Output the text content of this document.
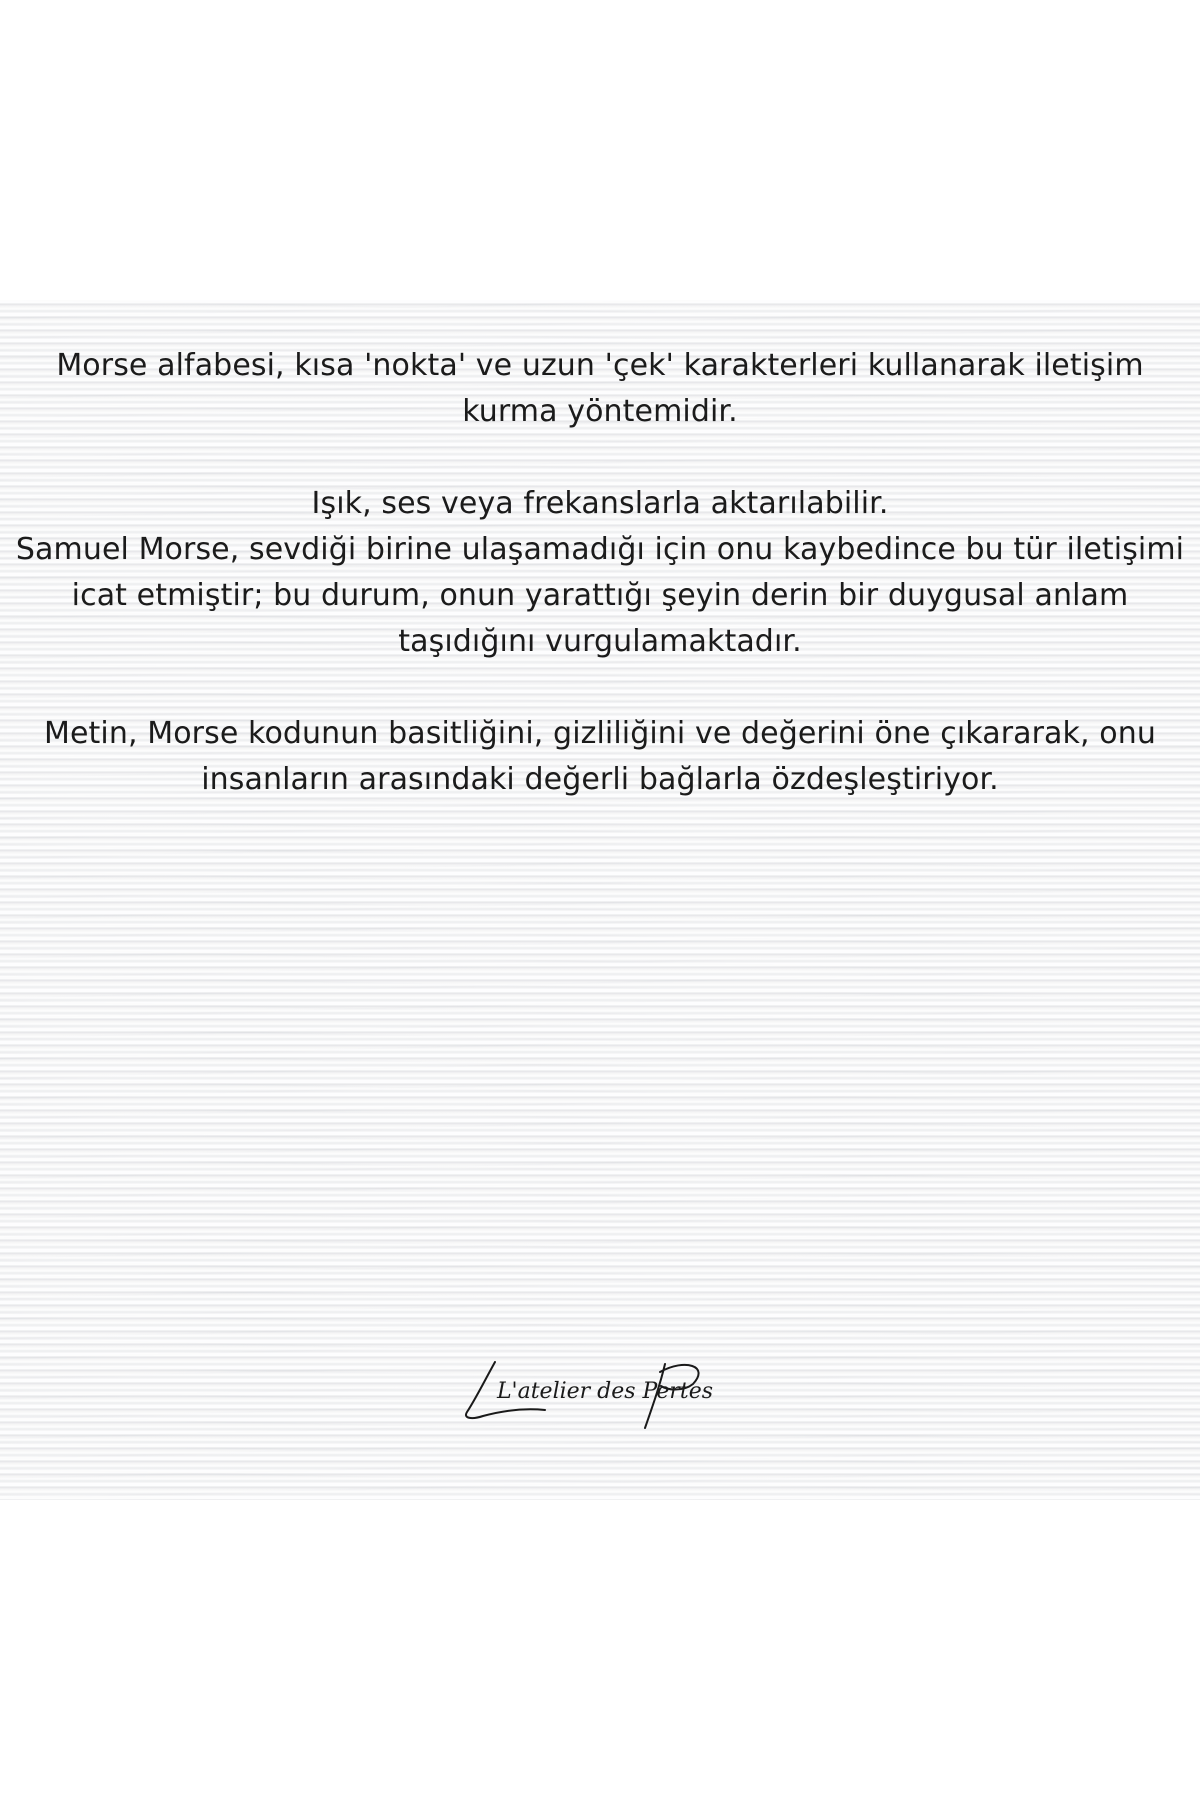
Morse alfabesi, kısa 'nokta' ve uzun 'çek' karakterleri kullanarak iletişim
kurma yöntemidir.

Işık, ses veya frekanslarla aktarılabilir.

Samuel Morse, sevdiği birine ulaşamadığı için onu kaybedince bu tür iletişimi
icat etmiştir; bu durum, onun yarattığı şeyin derin bir duygusal anlam
taşıdığını vurgulamaktadır.

Metin, Morse kodunun basitliğini, gizliliğini ve değerini öne çıkararak, onu
insanların arasındaki değerli bağlarla özdeşleştiriyor.

L'atelier des Pertes
